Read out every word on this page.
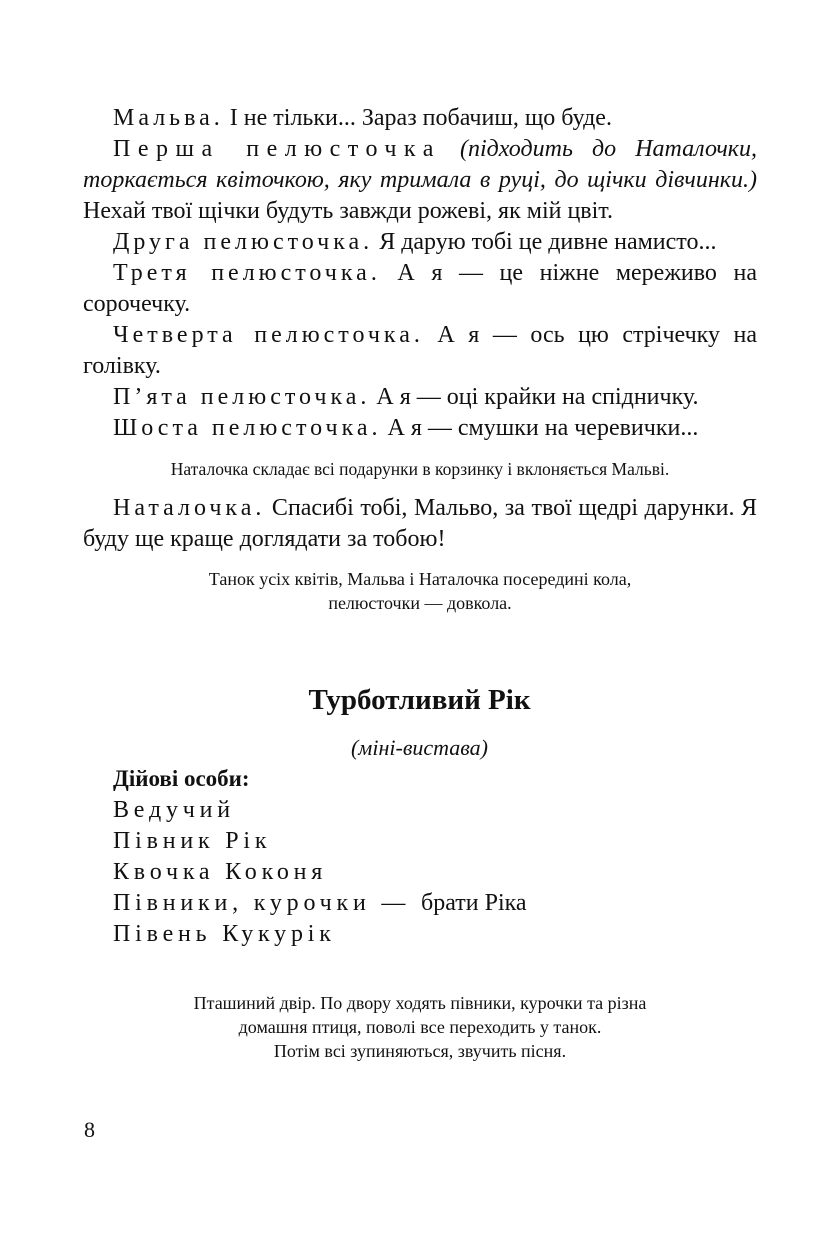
Мальва. І не тільки... Зараз побачиш, що буде.

Перша пелюсточка (підходить до Наталочки, торкається квіточкою, яку тримала в руці, до щічки дівчинки.) Нехай твої щічки будуть завжди рожеві, як мій цвіт.

Друга пелюсточка. Я дарую тобі це дивне намисто...

Третя пелюсточка. А я — це ніжне мереживо на сорочечку.

Четверта пелюсточка. А я — ось цю стрічечку на голівку.

П’ята пелюсточка. А я — оці крайки на спідничку.

Шоста пелюсточка. А я — смушки на черевички...

Наталочка складає всі подарунки в корзинку і вклоняється Мальві.

Наталочка. Спасибі тобі, Мальво, за твої щедрі дарунки. Я буду ще краще доглядати за тобою!

Танок усіх квітів, Мальва і Наталочка посередині кола,
пелюсточки — довкола.
Турботливий Рік

(міні-вистава)

Дійові особи:

Ведучий
Півник Рік
Квочка Коконя
Півники, курочки — брати Ріка
Півень Кукурік
Пташиний двір. По двору ходять півники, курочки та різна
домашня птиця, поволі все переходить у танок.
Потім всі зупиняються, звучить пісня.

8
